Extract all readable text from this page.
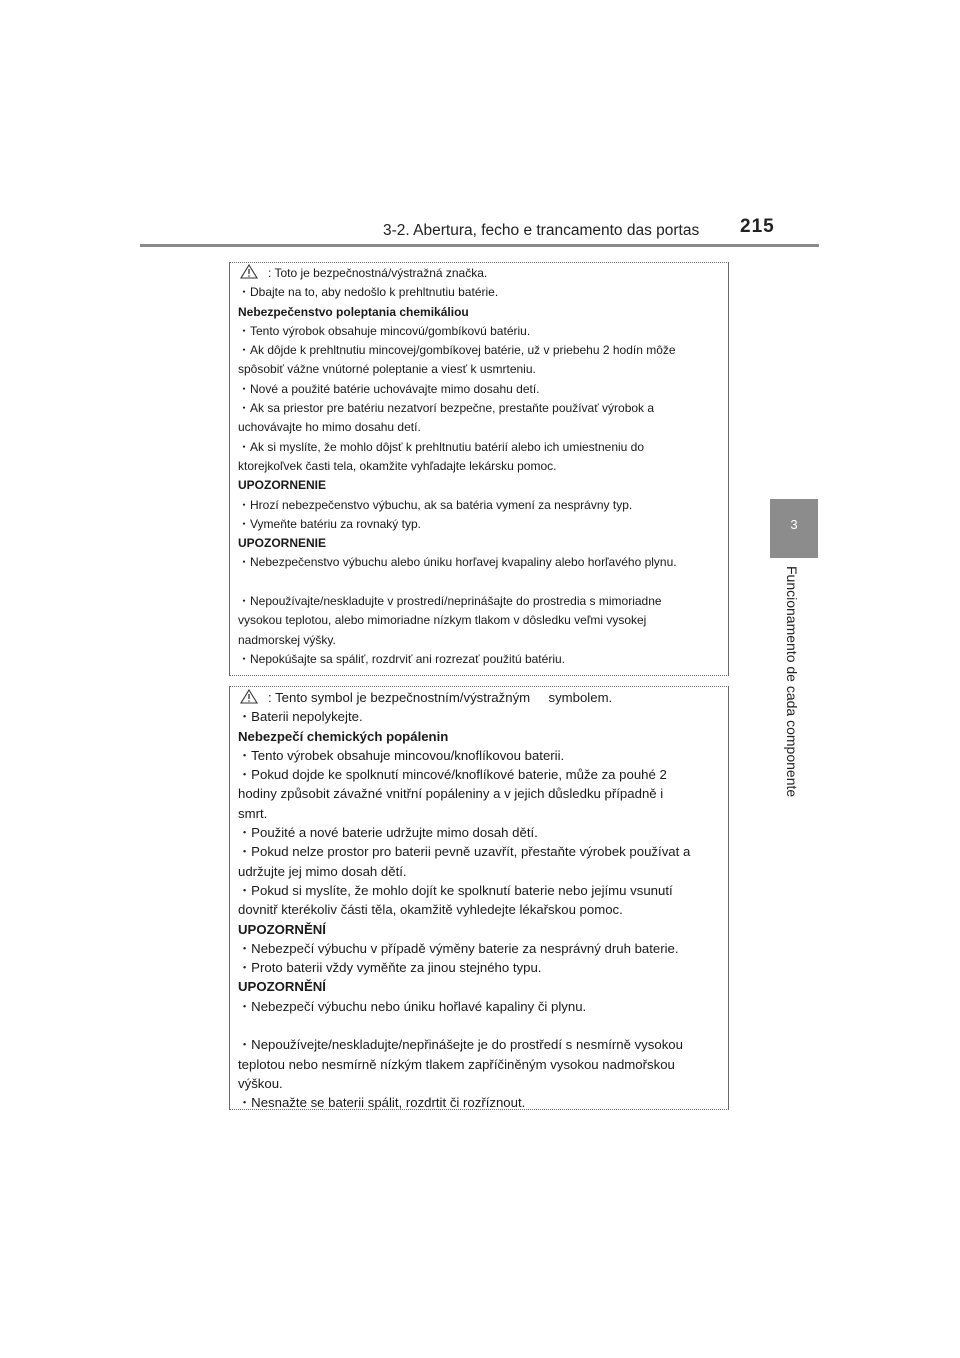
3-2. Abertura, fecho e trancamento das portas 215
3
Funcionamento de cada componente

: Toto je bezpečnostná/výstražná značka.

・Dbajte na to, aby nedošlo k prehltnutiu batérie.

Nebezpečenstvo poleptania chemikáliou

・Tento výrobok obsahuje mincovú/gombíkovú batériu.

・Ak dôjde k prehltnutiu mincovej/gombíkovej batérie, už v priebehu 2 hodín môže

spôsobiť vážne vnútorné poleptanie a viesť k usmrteniu.

・Nové a použité batérie uchovávajte mimo dosahu detí.

・Ak sa priestor pre batériu nezatvorí bezpečne, prestaňte používať výrobok a

uchovávajte ho mimo dosahu detí.

・Ak si myslíte, že mohlo dôjsť k prehltnutiu batérií alebo ich umiestneniu do

ktorejkoľvek časti tela, okamžite vyhľadajte lekársku pomoc.

UPOZORNENIE

・Hrozí nebezpečenstvo výbuchu, ak sa batéria vymení za nesprávny typ.

・Vymeňte batériu za rovnaký typ.

UPOZORNENIE

・Nebezpečenstvo výbuchu alebo úniku horľavej kvapaliny alebo horľavého plynu.

・Nepoužívajte/neskladujte v prostredí/neprinášajte do prostredia s mimoriadne

vysokou teplotou, alebo mimoriadne nízkym tlakom v dôsledku veľmi vysokej

nadmorskej výšky.

・Nepokúšajte sa spáliť, rozdrviť ani rozrezať použitú batériu.

: Tento symbol je bezpečnostním/výstražným     symbolem.

・Baterii nepolykejte.

Nebezpečí chemických popálenin

・Tento výrobek obsahuje mincovou/knoflíkovou baterii.

・Pokud dojde ke spolknutí mincové/knoflíkové baterie, může za pouhé 2

hodiny způsobit závažné vnitřní popáleniny a v jejich důsledku případně i

smrt.

・Použité a nové baterie udržujte mimo dosah dětí.

・Pokud nelze prostor pro baterii pevně uzavřít, přestaňte výrobek používat a

udržujte jej mimo dosah dětí.

・Pokud si myslíte, že mohlo dojít ke spolknutí baterie nebo jejímu vsunutí

dovnitř kterékoliv části těla, okamžitě vyhledejte lékařskou pomoc.

UPOZORNĚNÍ

・Nebezpečí výbuchu v případě výměny baterie za nesprávný druh baterie.

・Proto baterii vždy vyměňte za jinou stejného typu.

UPOZORNĚNÍ

・Nebezpečí výbuchu nebo úniku hořlavé kapaliny či plynu.

・Nepoužívejte/neskladujte/nepřinášejte je do prostředí s nesmírně vysokou

teplotou nebo nesmírně nízkým tlakem zapříčiněným vysokou nadmořskou

výškou.

・Nesnažte se baterii spálit, rozdrtit či rozříznout.
